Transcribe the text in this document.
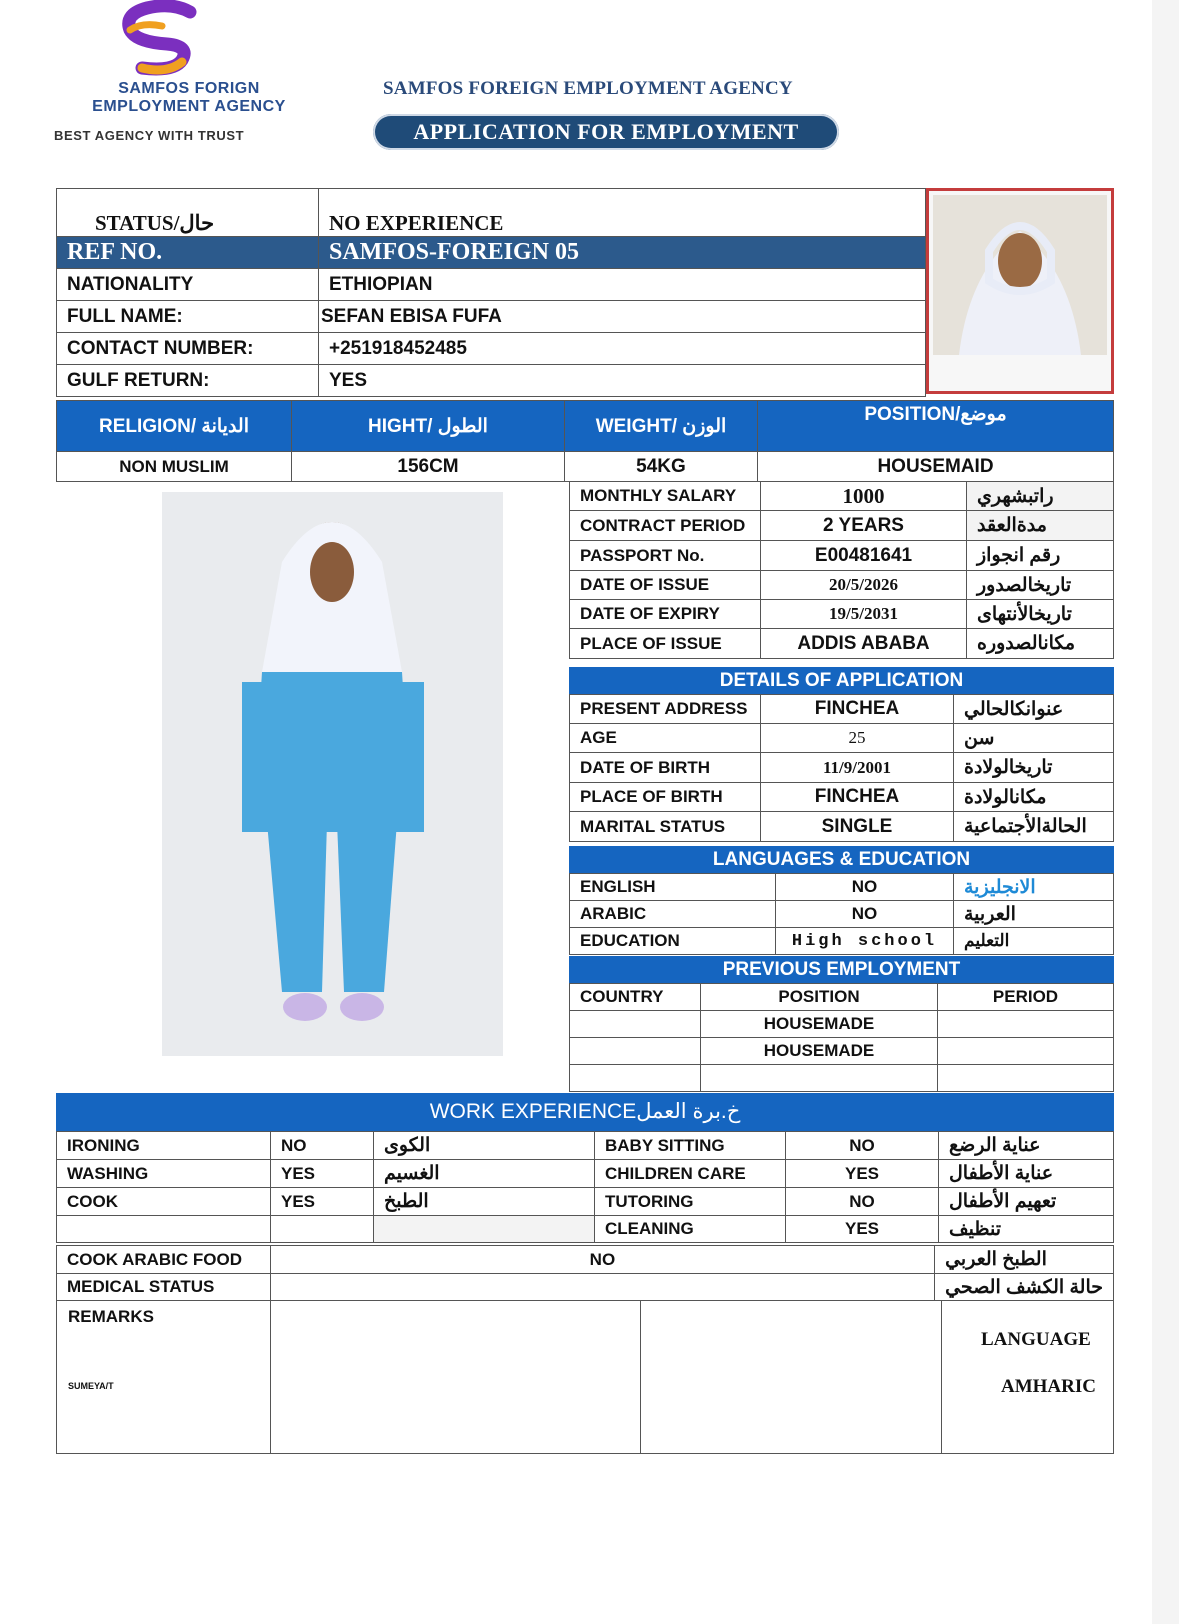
SAMFOS FORIGN
EMPLOYMENT AGENCY
BEST AGENCY WITH TRUST
SAMFOS FOREIGN EMPLOYMENT AGENCY
APPLICATION FOR EMPLOYMENT
STATUS/حال	NO EXPERIENCE
REF NO.	SAMFOS-FOREIGN 05
NATIONALITY	ETHIOPIAN
FULL NAME:	SEFAN EBISA FUFA
CONTACT NUMBER:	+251918452485
GULF RETURN:	YES
RELIGION/ الديانة	HIGHT/ الطول	WEIGHT/ الوزن	POSITION/موضع
NON MUSLIM	156CM	54KG	HOUSEMAID
MONTHLY SALARY	1000	راتبشهري
CONTRACT PERIOD	2 YEARS	مدةالعقد
PASSPORT No.	E00481641	رقم انجواز
DATE OF ISSUE	20/5/2026	تاريخالصدور
DATE OF EXPIRY	19/5/2031	تاريخالأنتهاى
PLACE OF ISSUE	ADDIS ABABA	مكانالصدوره
DETAILS OF APPLICATION
PRESENT ADDRESS	FINCHEA	عنوانكالحالي
AGE	25	سن
DATE OF BIRTH	11/9/2001	تاريخالولادة
PLACE OF BIRTH	FINCHEA	مكانالولادة
MARITAL STATUS	SINGLE	الحالةالأجتماعية
LANGUAGES & EDUCATION
ENGLISH	NO	الانجليزية
ARABIC	NO	العربية
EDUCATION	High school	التعليم
PREVIOUS EMPLOYMENT
COUNTRY	POSITION	PERIOD
	HOUSEMADE	
	HOUSEMADE	

WORK EXPERIENCEخ.برة العمل
IRONING	NO	الكوى	BABY SITTING	NO	عناية الرضع
WASHING	YES	الغسيم	CHILDREN CARE	YES	عناية الأطفال
COOK	YES	الطبخ	TUTORING	NO	تعهيم الأطفال
			CLEANING	YES	تنظيف
COOK ARABIC FOOD	NO	الطبخ العربي
MEDICAL STATUS		حالة الكشف الصحي
REMARKS
SUMEYA/T
LANGUAGE
AMHARIC
